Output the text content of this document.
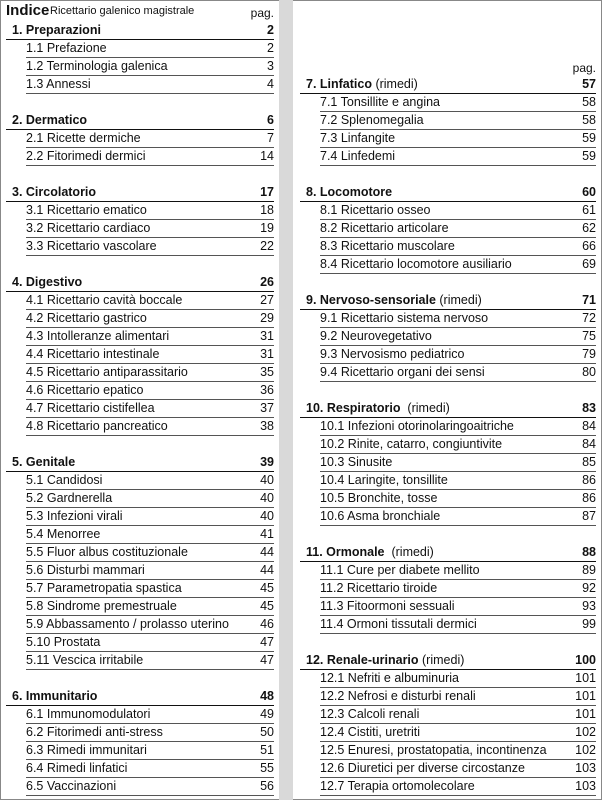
Indice Ricettario galenico magistrale	pag.
1. Preparazioni	2
1.1 Prefazione	2
1.2 Terminologia galenica	3
1.3 Annessi	4
2. Dermatico	6
2.1 Ricette dermiche	7
2.2 Fitorimedi dermici	14
3. Circolatorio	17
3.1 Ricettario ematico	18
3.2 Ricettario cardiaco	19
3.3 Ricettario vascolare	22
4. Digestivo	26
4.1 Ricettario cavità boccale	27
4.2 Ricettario gastrico	29
4.3 Intolleranze alimentari	31
4.4 Ricettario intestinale	31
4.5 Ricettario antiparassitario	35
4.6 Ricettario epatico	36
4.7 Ricettario cistifellea	37
4.8 Ricettario pancreatico	38
5. Genitale	39
5.1 Candidosi	40
5.2 Gardnerella	40
5.3 Infezioni virali	40
5.4 Menorree	41
5.5 Fluor albus costituzionale	44
5.6 Disturbi mammari	44
5.7 Parametropatia spastica	45
5.8 Sindrome premestruale	45
5.9 Abbassamento / prolasso uterino 46
5.10 Prostata	47
5.11 Vescica irritabile	47
6. Immunitario	48
6.1 Immunomodulatori	49
6.2 Fitorimedi anti-stress	50
6.3 Rimedi immunitari	51
6.4 Rimedi linfatici	55
6.5 Vaccinazioni	56
pag.
7. Linfatico (rimedi)	57
7.1 Tonsillite e angina	58
7.2 Splenomegalia	58
7.3 Linfangite	59
7.4 Linfedemi	59
8. Locomotore	60
8.1 Ricettario osseo	61
8.2 Ricettario articolare	62
8.3 Ricettario muscolare	66
8.4 Ricettario locomotore ausiliario	69
9. Nervoso-sensoriale (rimedi)	71
9.1 Ricettario sistema nervoso	72
9.2 Neurovegetativo	75
9.3 Nervosismo pediatrico	79
9.4 Ricettario organi dei sensi	80
10. Respiratorio  (rimedi)	83
10.1 Infezioni otorinolaringoaitriche	84
10.2 Rinite, catarro, congiuntivite	84
10.3 Sinusite	85
10.4 Laringite, tonsillite	86
10.5 Bronchite, tosse	86
10.6 Asma bronchiale	87
11. Ormonale  (rimedi)	88
11.1 Cure per diabete mellito	89
11.2 Ricettario tiroide	92
11.3 Fitoormoni sessuali	93
11.4 Ormoni tissutali dermici	99
12. Renale-urinario (rimedi)	100
12.1 Nefriti e albuminuria	101
12.2 Nefrosi e disturbi renali	101
12.3 Calcoli renali	101
12.4 Cistiti, uretriti	102
12.5 Enuresi, prostatopatia, incontinenza 102
12.6 Diuretici per diverse circostanze	103
12.7 Terapia ortomolecolare	103
